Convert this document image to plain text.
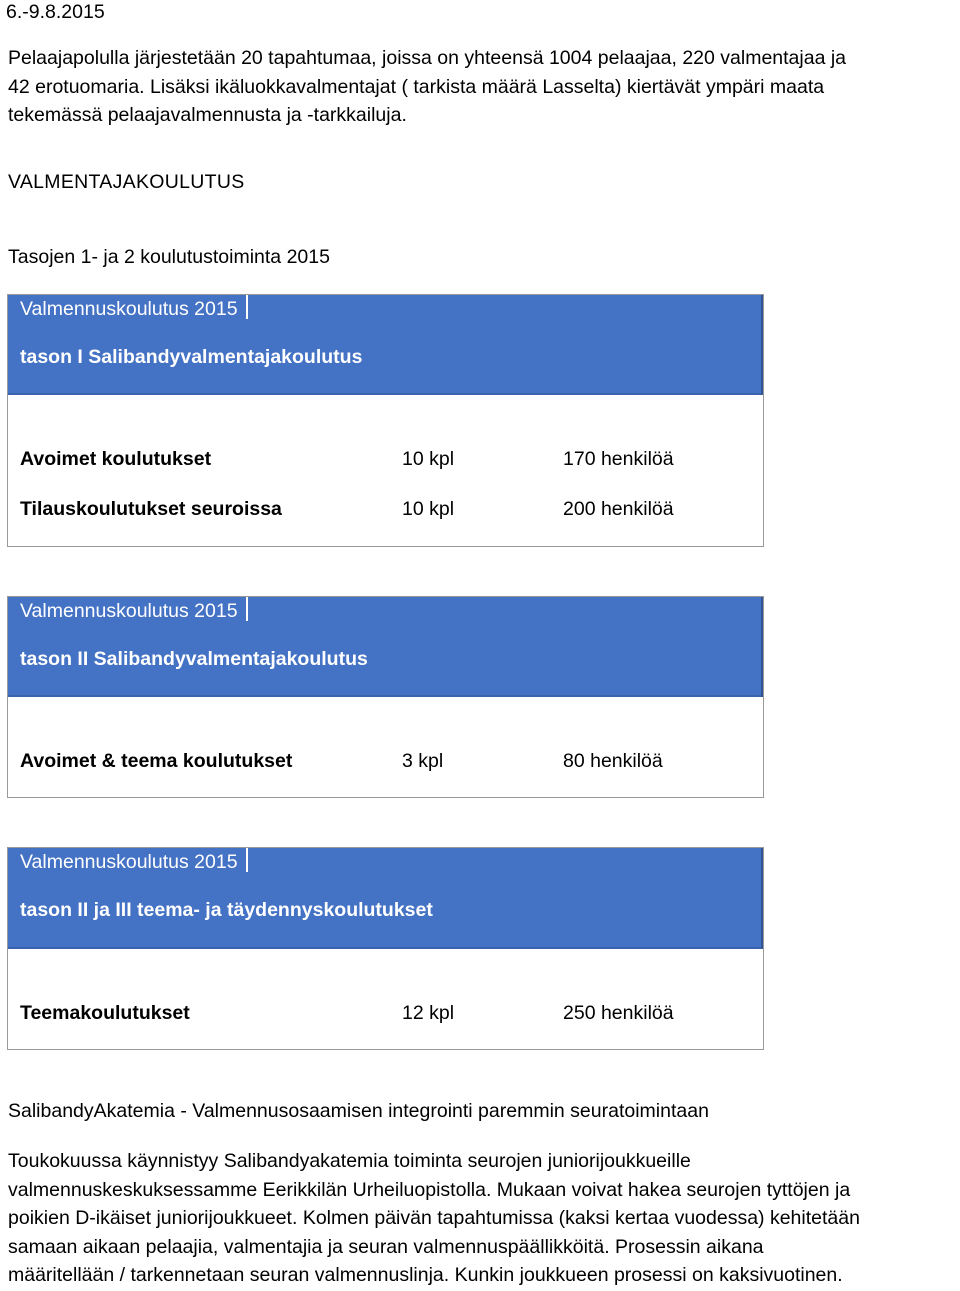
6.-9.8.2015

Pelaajapolulla järjestetään 20 tapahtumaa, joissa on yhteensä 1004 pelaajaa, 220 valmentajaa ja
42 erotuomaria. Lisäksi ikäluokkavalmentajat ( tarkista määrä Lasselta) kiertävät ympäri maata
tekemässä pelaajavalmennusta ja -tarkkailuja.

VALMENTAJAKOULUTUS

Tasojen 1- ja 2 koulutustoiminta 2015

Valmennuskoulutus 2015

tason I Salibandyvalmentajakoulutus

Avoimet koulutukset	10 kpl	170 henkilöä
Tilauskoulutukset seuroissa	10 kpl	200 henkilöä

Valmennuskoulutus 2015

tason II Salibandyvalmentajakoulutus

Avoimet & teema koulutukset	3 kpl	80 henkilöä

Valmennuskoulutus 2015

tason II ja III teema- ja täydennyskoulutukset

Teemakoulutukset	12 kpl	250 henkilöä

SalibandyAkatemia - Valmennusosaamisen integrointi paremmin seuratoimintaan

Toukokuussa käynnistyy Salibandyakatemia toiminta seurojen juniorijoukkueille
valmennuskeskuksessamme Eerikkilän Urheiluopistolla. Mukaan voivat hakea seurojen tyttöjen ja
poikien D-ikäiset juniorijoukkueet. Kolmen päivän tapahtumissa (kaksi kertaa vuodessa) kehitetään
samaan aikaan pelaajia, valmentajia ja seuran valmennuspäällikköitä. Prosessin aikana
määritellään / tarkennetaan seuran valmennuslinja. Kunkin joukkueen prosessi on kaksivuotinen.
